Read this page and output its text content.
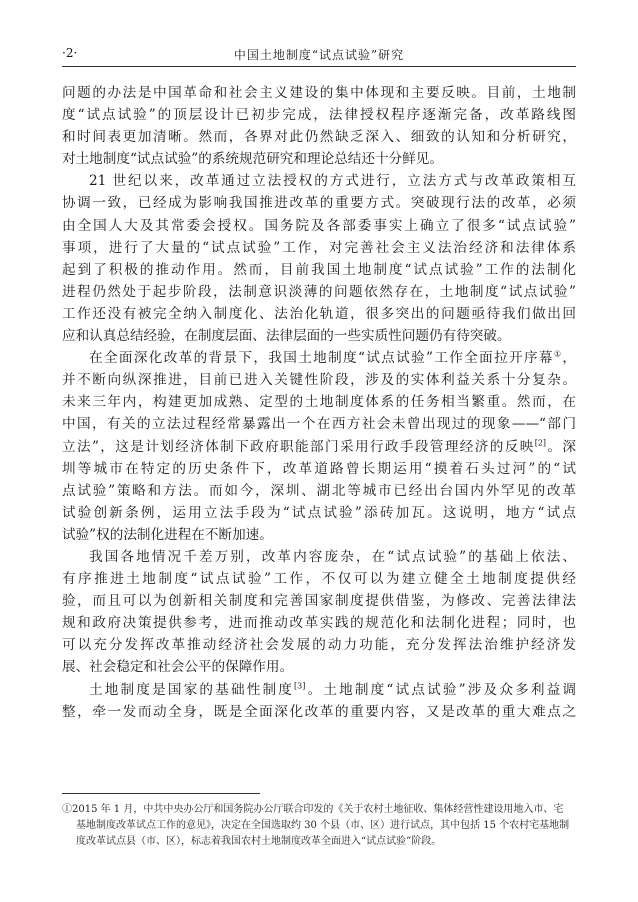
·2·	中国土地制度“试点试验”研究
问题的办法是中国革命和社会主义建设的集中体现和主要反映。目前，土地制
度“试点试验”的顶层设计已初步完成，法律授权程序逐渐完备，改革路线图
和时间表更加清晰。然而，各界对此仍然缺乏深入、细致的认知和分析研究，
对土地制度“试点试验”的系统规范研究和理论总结还十分鲜见。
21 世纪以来，改革通过立法授权的方式进行，立法方式与改革政策相互
协调一致，已经成为影响我国推进改革的重要方式。突破现行法的改革，必须
由全国人大及其常委会授权。国务院及各部委事实上确立了很多“试点试验”
事项，进行了大量的“试点试验”工作，对完善社会主义法治经济和法律体系
起到了积极的推动作用。然而，目前我国土地制度“试点试验”工作的法制化
进程仍然处于起步阶段，法制意识淡薄的问题依然存在，土地制度“试点试验”
工作还没有被完全纳入制度化、法治化轨道，很多突出的问题亟待我们做出回
应和认真总结经验，在制度层面、法律层面的一些实质性问题仍有待突破。
在全面深化改革的背景下，我国土地制度“试点试验”工作全面拉开序幕①，
并不断向纵深推进，目前已进入关键性阶段，涉及的实体利益关系十分复杂。
未来三年内，构建更加成熟、定型的土地制度体系的任务相当繁重。然而，在
中国，有关的立法过程经常暴露出一个在西方社会未曾出现过的现象——“部门
立法”，这是计划经济体制下政府职能部门采用行政手段管理经济的反映[2]。深
圳等城市在特定的历史条件下，改革道路曾长期运用“摸着石头过河”的“试
点试验”策略和方法。而如今，深圳、湖北等城市已经出台国内外罕见的改革
试验创新条例，运用立法手段为“试点试验”添砖加瓦。这说明，地方“试点
试验”权的法制化进程在不断加速。
我国各地情况千差万别，改革内容庞杂，在“试点试验”的基础上依法、
有序推进土地制度“试点试验”工作，不仅可以为建立健全土地制度提供经
验，而且可以为创新相关制度和完善国家制度提供借鉴，为修改、完善法律法
规和政府决策提供参考，进而推动改革实践的规范化和法制化进程；同时，也
可以充分发挥改革推动经济社会发展的动力功能，充分发挥法治维护经济发
展、社会稳定和社会公平的保障作用。
土地制度是国家的基础性制度[3]。土地制度“试点试验”涉及众多利益调
整，牵一发而动全身，既是全面深化改革的重要内容，又是改革的重大难点之
①2015 年 1 月，中共中央办公厅和国务院办公厅联合印发的《关于农村土地征收、集体经营性建设用地入市、宅
基地制度改革试点工作的意见》，决定在全国选取约 30 个县（市、区）进行试点，其中包括 15 个农村宅基地制
度改革试点县（市、区），标志着我国农村土地制度改革全面进入“试点试验”阶段。
